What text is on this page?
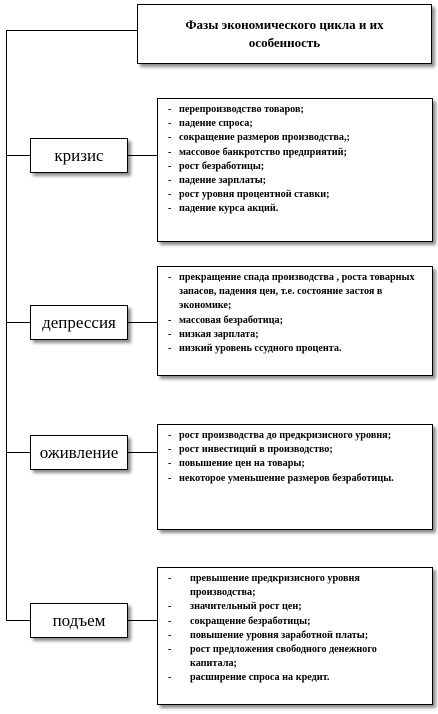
Фазы экономического цикла и их особенность
кризис
- перепроизводство товаров;
- падение спроса;
- сокращение размеров производства,;
- массовое банкротство предприятий;
- рост безработицы;
- падение зарплаты;
- рост уровня процентной ставки;
- падение курса акций.
депрессия
- прекращение спада производства , роста товарных запасов, падения цен, т.е. состояние застоя в экономике;
- массовая безработица;
- низкая зарплата;
- низкий уровень ссудного процента.
оживление
- рост производства до предкризисного уровня;
- рост инвестиций в производство;
- повышение цен на товары;
- некоторое уменьшение размеров безработицы.
подъем
- превышение предкризисного уровня производства;
- значительный рост цен;
- сокращение безработицы;
- повышение уровня заработной платы;
- рост предложения свободного денежного капитала;
- расширение спроса на кредит.
